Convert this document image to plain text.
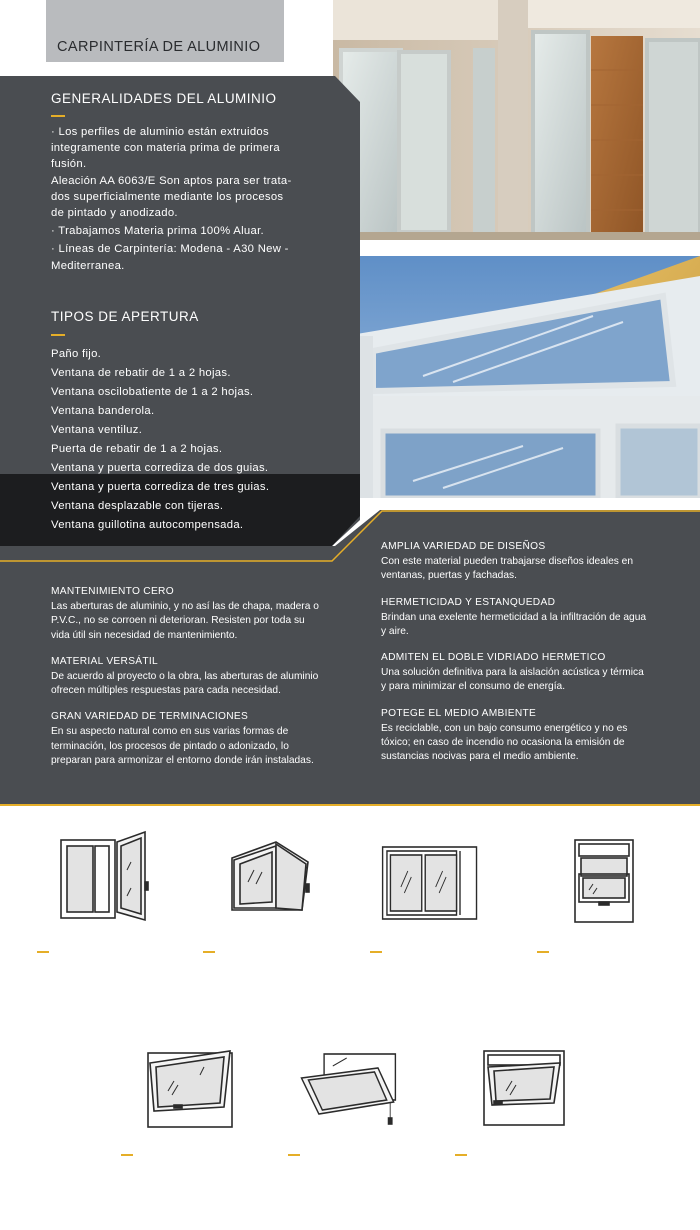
CARPINTERÍA DE ALUMINIO
GENERALIDADES DEL ALUMINIO

· Los perfiles de aluminio están extruidos

integramente con materia prima de primera

fusión.

Aleación AA 6063/E Son aptos para ser trata-

dos superficialmente mediante los procesos

de pintado y anodizado.

· Trabajamos Materia prima 100% Aluar.

· Líneas de Carpintería: Modena - A30 New -

Mediterranea.

TIPOS DE APERTURA
Paño fijo.
Ventana de rebatir de 1 a 2 hojas.
Ventana oscilobatiente de 1 a 2 hojas.
Ventana banderola.
Ventana ventiluz.
Puerta de rebatir de 1 a 2 hojas.
Ventana y puerta corrediza de dos guias.
Ventana y puerta corrediza de tres guias.
Ventana desplazable con tijeras.
Ventana guillotina autocompensada.
MANTENIMIENTO CERO

Las aberturas de aluminio, y no así las de chapa, madera o

P.V.C., no se corroen ni deterioran. Resisten por toda su

vida útil sin necesidad de mantenimiento.

MATERIAL VERSÁTIL

De acuerdo al proyecto o la obra, las aberturas de aluminio

ofrecen múltiples respuestas para cada necesidad.

GRAN VARIEDAD DE TERMINACIONES

En su aspecto natural como en sus varias formas de

terminación, los procesos de pintado o adonizado, lo

preparan para armonizar el entorno donde irán instaladas.

AMPLIA VARIEDAD DE DISEÑOS

Con este material pueden trabajarse diseños ideales en

ventanas, puertas y fachadas.

HERMETICIDAD Y ESTANQUEDAD

Brindan una exelente hermeticidad a la infiltración de agua

y aire.

ADMITEN EL DOBLE VIDRIADO HERMETICO

Una solución definitiva para la aislación acústica y térmica

y para minimizar el consumo de energía.

POTEGE EL MEDIO AMBIENTE

Es reciclable, con un bajo consumo energético y no es

tóxico; en caso de incendio no ocasiona la emisión de

sustancias nocivas para el medio ambiente.
